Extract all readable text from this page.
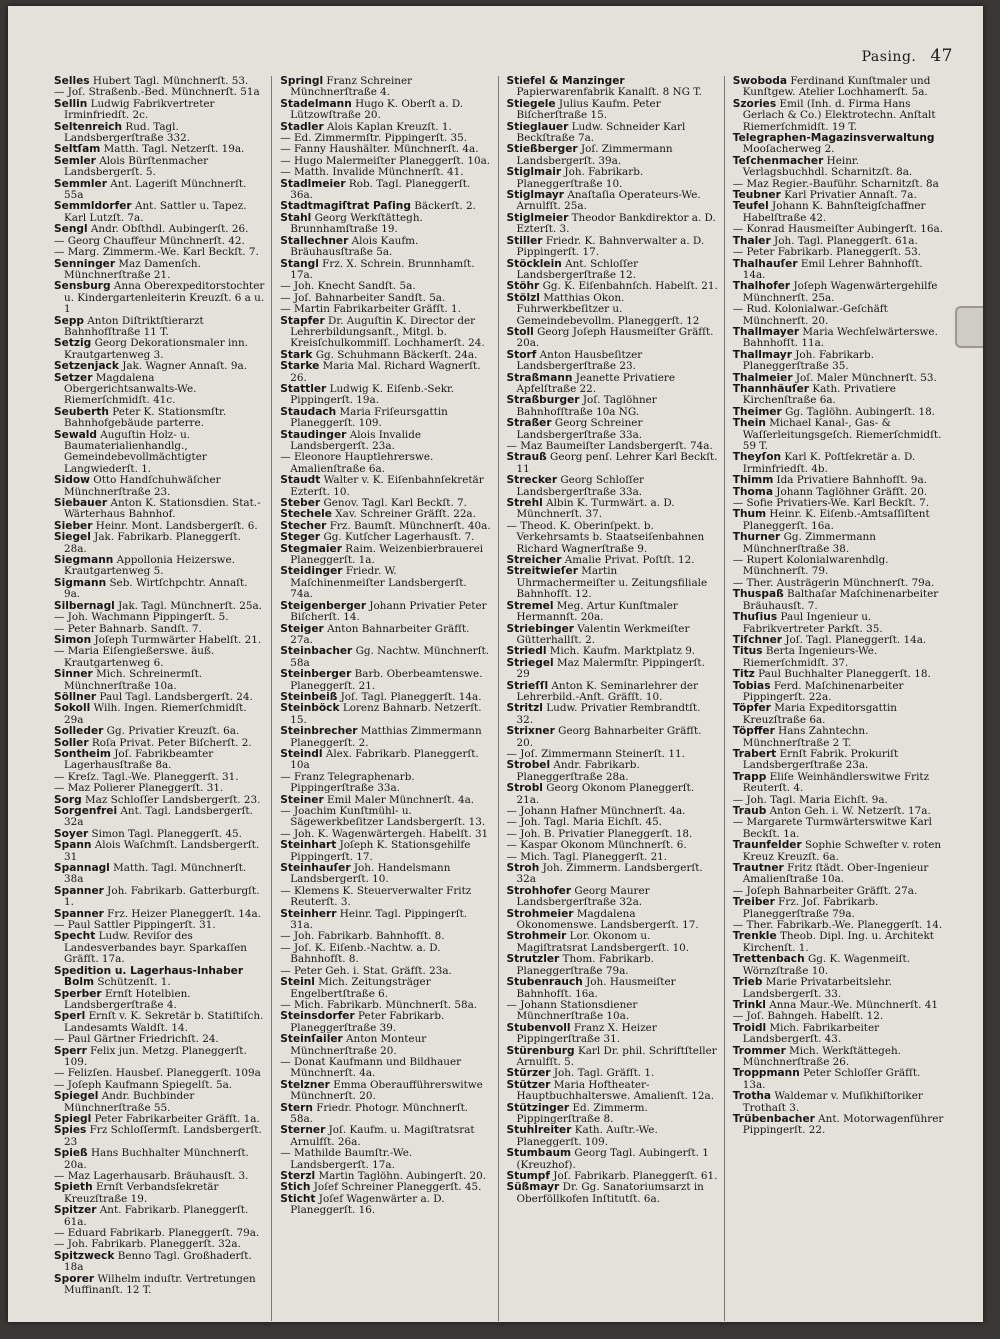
Pasing. 47

Selles Hubert Tagl. Münchnerſt. 53.

— Joſ. Straßenb.-Bed. Münchnerſt. 51a

Sellin Ludwig Fabrikvertreter Irminfriedſt. 2c.

Seltenreich Rud. Tagl. Landsbergerſtraße 332.

Seltſam Matth. Tagl. Netzerſt. 19a.

Semler Alois Bürſtenmacher Landsbergerſt. 5.

Semmler Ant. Lageriſt Münchnerſt. 55a

Semmldorfer Ant. Sattler u. Tapez. Karl Lutzſt. 7a.

Sengl Andr. Obſthdl. Aubingerſt. 26.

— Georg Chauffeur Münchnerſt. 42.

— Marg. Zimmerm.-We. Karl Beckſt. 7.

Senninger Maz Damenſch. Münchnerſtraße 21.

Sensburg Anna Oberexpeditorstochter u. Kindergartenleiterin Kreuzſt. 6 a u. 1

Sepp Anton Diſtriktſtierarzt Bahnhofſtraße 11 T.

Setzig Georg Dekorationsmaler inn. Krautgartenweg 3.

Setzenjack Jak. Wagner Annaſt. 9a.

Setzer Magdalena Obergerichtsanwalts-We. Riemerſchmidſt. 41c.

Seuberth Peter K. Stationsmſtr. Bahnhofgebäude parterre.

Sewald Auguſtin Holz- u. Baumaterialienhandlg., Gemeindebevollmächtigter Langwiederſt. 1.

Sidow Otto Handſchuhwäſcher Münchnerſtraße 23.

Siebauer Anton K. Stationsdien. Stat.-Wärterhaus Bahnhof.

Sieber Heinr. Mont. Landsbergerſt. 6.

Siegel Jak. Fabrikarb. Planeggerſt. 28a.

Siegmann Appollonia Heizerswe. Krautgartenweg 5.

Sigmann Seb. Wirtſchpchtr. Annaſt. 9a.

Silbernagl Jak. Tagl. Münchnerſt. 25a.

— Joh. Wachmann Pippingerſt. 5.

— Peter Bahnarb. Sandſt. 7.

Simon Joſeph Turmwärter Habelſt. 21.

— Maria Eiſengießerswe. äuß. Krautgartenweg 6.

Sinner Mich. Schreinermſt. Münchnerſtraße 10a.

Söllner Paul Tagl. Landsbergerſt. 24.

Sokoll Wilh. Ingen. Riemerſchmidſt. 29a

Solleder Gg. Privatier Kreuzſt. 6a.

Soller Roſa Privat. Peter Biſcherſt. 2.

Sontheim Joſ. Fabrikbeamter Lagerhausſtraße 8a.

— Kreſz. Tagl.-We. Planeggerſt. 31.

— Maz Polierer Planeggerſt. 31.

Sorg Maz Schloſſer Landsbergerſt. 23.

Sorgenfrei Ant. Tagl. Landsbergerſt. 32a

Soyer Simon Tagl. Planeggerſt. 45.

Spann Alois Waſchmſt. Landsbergerſt. 31

Spannagl Matth. Tagl. Münchnerſt. 38a

Spanner Joh. Fabrikarb. Gatterburgſt. 1.

Spanner Frz. Heizer Planeggerſt. 14a.

— Paul Sattler Pippingerſt. 31.

Specht Ludw. Reviſor des Landesverbandes bayr. Sparkaſſen Gräfſt. 17a.

Spedition u. Lagerhaus-Inhaber Bolm Schützenſt. 1.

Sperber Ernſt Hotelbien. Landsbergerſtraße 4.

Sperl Ernſt v. K. Sekretär b. Statiſtiſch. Landesamts Waldſt. 14.

— Paul Gärtner Friedrichſt. 24.

Sperr Felix jun. Metzg. Planeggerſt. 109.

— Felizſen. Hausbeſ. Planeggerſt. 109a

— Joſeph Kaufmann Spiegelſt. 5a.

Spiegel Andr. Buchbinder Münchnerſtraße 55.

Spiegl Peter Fabrikarbeiter Gräfſt. 1a.

Spies Frz Schloſſermſt. Landsbergerſt. 23

Spieß Hans Buchhalter Münchnerſt. 20a.

— Maz Lagerhausarb. Bräuhausſt. 3.

Spieth Ernſt Verbandsſekretär Kreuzſtraße 19.

Spitzer Ant. Fabrikarb. Planeggerſt. 61a.

— Eduard Fabrikarb. Planeggerſt. 79a.

— Joh. Fabrikarb. Planeggerſt. 32a.

Spitzweck Benno Tagl. Großhaderſt. 18a

Sporer Wilhelm induſtr. Vertretungen Muffinanſt. 12 T.

Springl Franz Schreiner Münchnerſtraße 4.

Stadelmann Hugo K. Oberſt a. D. Lützowſtraße 20.

Stadler Alois Kaplan Kreuzſt. 1.

— Ed. Zimmermſtr. Pippingerſt. 35.

— Fanny Haushälter. Münchnerſt. 4a.

— Hugo Malermeiſter Planeggerſt. 10a.

— Matth. Invalide Münchnerſt. 41.

Stadlmeier Rob. Tagl. Planeggerſt. 36a.

Stadtmagiſtrat Paſing Bäckerſt. 2.

Stahl Georg Werkſtättegh. Brunnhamſtraße 19.

Stallechner Alois Kaufm. Bräuhausſtraße 5a.

Stangl Frz. X. Schrein. Brunnhamſt. 17a.

— Joh. Knecht Sandſt. 5a.

— Joſ. Bahnarbeiter Sandſt. 5a.

— Martin Fabrikarbeiter Gräfſt. 1.

Stapfer Dr. Auguſtin K. Director der Lehrerbildungsanſt., Mitgl. b. Kreisſchulkommiſſ. Lochhamerſt. 24.

Stark Gg. Schuhmann Bäckerſt. 24a.

Starke Maria Mal. Richard Wagnerſt. 26.

Stattler Ludwig K. Eiſenb.-Sekr. Pippingerſt. 19a.

Staudach Maria Friſeursgattin Planeggerſt. 109.

Staudinger Alois Invalide Landsbergerſt. 23a.

— Eleonore Hauptlehrerswe. Amalienſtraße 6a.

Staudt Walter v. K. Eiſenbahnſekretär Ezterſt. 10.

Steber Genov. Tagl. Karl Beckſt. 7.

Stechele Xav. Schreiner Gräfſt. 22a.

Stecher Frz. Baumſt. Münchnerſt. 40a.

Steger Gg. Kutſcher Lagerhausſt. 7.

Stegmaier Raim. Weizenbierbrauerei Planeggerſt. 1a.

Steidinger Friedr. W. Maſchinenmeiſter Landsbergerſt. 74a.

Steigenberger Johann Privatier Peter Biſcherſt. 14.

Steiger Anton Bahnarbeiter Gräfſt. 27a.

Steinbacher Gg. Nachtw. Münchnerſt. 58a

Steinberger Barb. Oberbeamtenswe. Planeggerſt. 21.

Steinbeiß Joſ. Tagl. Planeggerſt. 14a.

Steinböck Lorenz Bahnarb. Netzerſt. 15.

Steinbrecher Matthias Zimmermann Planeggerſt. 2.

Steindl Alex. Fabrikarb. Planeggerſt. 10a

— Franz Telegraphenarb. Pippingerſtraße 33a.

Steiner Emil Maler Münchnerſt. 4a.

— Joachim Kunſtmühl- u. Sägewerkbeſitzer Landsbergerſt. 13.

— Joh. K. Wagenwärtergeh. Habelſt. 31

Steinhart Joſeph K. Stationsgehilfe Pippingerſt. 17.

Steinhauſer Joh. Handelsmann Landsbergerſt. 10.

— Klemens K. Steuerverwalter Fritz Reuterſt. 3.

Steinherr Heinr. Tagl. Pippingerſt. 31a.

— Joh. Fabrikarb. Bahnhofſt. 8.

— Joſ. K. Eiſenb.-Nachtw. a. D. Bahnhofſt. 8.

— Peter Geh. i. Stat. Gräfſt. 23a.

Steinl Mich. Zeitungsträger Engelbertſtraße 6.

— Mich. Fabrikarb. Münchnerſt. 58a.

Steinsdorfer Peter Fabrikarb. Planeggerſtraße 39.

Steinſailer Anton Monteur Münchnerſtraße 20.

— Donat Kaufmann und Bildhauer Münchnerſt. 4a.

Stelzner Emma Oberaufführerswitwe Münchnerſt. 20.

Stern Friedr. Photogr. Münchnerſt. 58a.

Sterner Joſ. Kaufm. u. Magiſtratsrat Arnulfſt. 26a.

— Mathilde Baumſtr.-We. Landsbergerſt. 17a.

Sterzl Martin Taglöhn. Aubingerſt. 20.

Stich Joſef Schreiner Planeggerſt. 45.

Sticht Joſef Wagenwärter a. D. Planeggerſt. 16.

Stiefel & Manzinger Papierwarenfabrik Kanalſt. 8 NG T.

Stiegele Julius Kaufm. Peter Biſcherſtraße 15.

Stieglauer Ludw. Schneider Karl Beckſtraße 7a.

Stießberger Joſ. Zimmermann Landsbergerſt. 39a.

Stiglmair Joh. Fabrikarb. Planeggerſtraße 10.

Stiglmayr Anaſtaſia Operateurs-We. Arnulfſt. 25a.

Stiglmeier Theodor Bankdirektor a. D. Ezterſt. 3.

Stiller Friedr. K. Bahnverwalter a. D. Pippingerſt. 17.

Stöcklein Ant. Schloſſer Landsbergerſtraße 12.

Stöhr Gg. K. Eiſenbahnſch. Habelſt. 21.

Stölzl Matthias Okon. Fuhrwerkbeſitzer u. Gemeindebevollm. Planeggerſt. 12

Stoll Georg Joſeph Hausmeiſter Gräfſt. 20a.

Storf Anton Hausbeſitzer Landsbergerſtraße 23.

Straßmann Jeanette Privatiere Apfelſtraße 22.

Straßburger Joſ. Taglöhner Bahnhofſtraße 10a NG.

Straßer Georg Schreiner Landsbergerſtraße 33a.

— Maz Baumeiſter Landsbergerſt. 74a.

Strauß Georg penſ. Lehrer Karl Beckſt. 11

Strecker Georg Schloſſer Landsbergerſtraße 33a.

Strehl Albin K. Turmwärt. a. D. Münchnerſt. 37.

— Theod. K. Oberinſpekt. b. Verkehrsamts b. Staatseiſenbahnen Richard Wagnerſtraße 9.

Streicher Amalie Privat. Poſtſt. 12.

Streitwieſer Martin Uhrmachermeiſter u. Zeitungsfiliale Bahnhofſt. 12.

Stremel Meg. Artur Kunſtmaler Hermannſt. 20a.

Striebinger Valentin Werkmeiſter Gütterhallſt. 2.

Striedl Mich. Kaufm. Marktplatz 9.

Striegel Maz Malermſtr. Pippingerſt. 29

Strieſſl Anton K. Seminarlehrer der Lehrerbild.-Anſt. Gräfſt. 10.

Stritzl Ludw. Privatier Rembrandtſt. 32.

Strixner Georg Bahnarbeiter Gräfſt. 20.

— Joſ. Zimmermann Steinerſt. 11.

Strobel Andr. Fabrikarb. Planeggerſtraße 28a.

Strobl Georg Okonom Planeggerſt. 21a.

— Johann Hafner Münchnerſt. 4a.

— Joh. Tagl. Maria Eichſt. 45.

— Joh. B. Privatier Planeggerſt. 18.

— Kaspar Okonom Münchnerſt. 6.

— Mich. Tagl. Planeggerſt. 21.

Stroh Joh. Zimmerm. Landsbergerſt. 32a

Strohhofer Georg Maurer Landsbergerſtraße 32a.

Strohmeier Magdalena Okonomenswe. Landsbergerſt. 17.

Strohmeir Lor. Okonom u. Magiſtratsrat Landsbergerſt. 10.

Strutzler Thom. Fabrikarb. Planeggerſtraße 79a.

Stubenrauch Joh. Hausmeiſter Bahnhofſt. 16a.

— Johann Stationsdiener Münchnerſtraße 10a.

Stubenvoll Franz X. Heizer Pippingerſtraße 31.

Stürenburg Karl Dr. phil. Schriftſteller Arnulfſt. 5.

Stürzer Joh. Tagl. Gräfſt. 1.

Stützer Maria Hoftheater-Hauptbuchhalterswe. Amalienſt. 12a.

Stützinger Ed. Zimmerm. Pippingerſtraße 8.

Stuhlreiter Kath. Auſtr.-We. Planeggerſt. 109.

Stumbaum Georg Tagl. Aubingerſt. 1 (Kreuzhof).

Stumpf Joſ. Fabrikarb. Planeggerſt. 61.

Süßmayr Dr. Gg. Sanatoriumsarzt in Oberföllkofen Inſtitutſt. 6a.

Swoboda Ferdinand Kunſtmaler und Kunſtgew. Atelier Lochhamerſt. 5a.

Szories Emil (Inh. d. Firma Hans Gerlach & Co.) Elektrotechn. Anſtalt Riemerſchmidſt. 19 T.

Telegraphen-Magazinsverwaltung Mooſacherweg 2.

Teſchenmacher Heinr. Verlagsbuchhdl. Scharnitzſt. 8a.

— Maz Regier.-Bauführ. Scharnitzſt. 8a

Teubner Karl Privatier Annaſt. 7a.

Teufel Johann K. Bahnſteigſchaffner Habelſtraße 42.

— Konrad Hausmeiſter Aubingerſt. 16a.

Thaler Joh. Tagl. Planeggerſt. 61a.

— Peter Fabrikarb. Planeggerſt. 53.

Thalhauſer Emil Lehrer Bahnhofſt. 14a.

Thalhofer Joſeph Wagenwärtergehilfe Münchnerſt. 25a.

— Rud. Kolonialwar.-Geſchäft Münchnerſt. 20.

Thallmayer Maria Wechſelwärterswe. Bahnhofſt. 11a.

Thallmayr Joh. Fabrikarb. Planeggerſtraße 35.

Thalmeier Joſ. Maler Münchnerſt. 53.

Thannhäuſer Kath. Privatiere Kirchenſtraße 6a.

Theimer Gg. Taglöhn. Aubingerſt. 18.

Thein Michael Kanal-, Gas- & Waſſerleitungsgeſch. Riemerſchmidſt. 59 T.

Theyſon Karl K. Poſtſekretär a. D. Irminfriedſt. 4b.

Thimm Ida Privatiere Bahnhofſt. 9a.

Thoma Johann Taglöhner Gräfſt. 20.

— Sofie Privatiers-We. Karl Beckſt. 7.

Thum Heinr. K. Eiſenb.-Amtsaſſiſtent Planeggerſt. 16a.

Thurner Gg. Zimmermann Münchnerſtraße 38.

— Rupert Kolonialwarenhdlg. Münchnerſt. 79.

— Ther. Austrägerin Münchnerſt. 79a.

Thuspaß Balthaſar Maſchinenarbeiter Bräuhausſt. 7.

Thuſius Paul Ingenieur u. Fabrikvertreter Parkſt. 35.

Tiſchner Joſ. Tagl. Planeggerſt. 14a.

Titus Berta Ingenieurs-We. Riemerſchmidſt. 37.

Titz Paul Buchhalter Planeggerſt. 18.

Tobias Ferd. Maſchinenarbeiter Pippingerſt. 22a.

Töpfer Maria Expeditorsgattin Kreuzſtraße 6a.

Töpffer Hans Zahntechn. Münchnerſtraße 2 T.

Trabert Ernſt Fabrik. Prokuriſt Landsbergerſtraße 23a.

Trapp Eliſe Weinhändlerswitwe Fritz Reuterſt. 4.

— Joh. Tagl. Maria Eichſt. 9a.

Traub Anton Geh. i. W. Netzerſt. 17a.

— Margarete Turmwärterswitwe Karl Beckſt. 1a.

Traunfelder Sophie Schweſter v. roten Kreuz Kreuzſt. 6a.

Trautner Fritz ſtädt. Ober-Ingenieur Amalienſtraße 10a.

— Joſeph Bahnarbeiter Gräfſt. 27a.

Treiber Frz. Joſ. Fabrikarb. Planeggerſtraße 79a.

— Ther. Fabrikarb.-We. Planeggerſt. 14.

Trenkle Theob. Dipl. Ing. u. Architekt Kirchenſt. 1.

Trettenbach Gg. K. Wagenmeiſt. Wörnzſtraße 10.

Trieb Marie Privatarbeitslehr. Landsbergerſt. 33.

Trinkl Anna Maur.-We. Münchnerſt. 41

— Joſ. Bahngeh. Habelſt. 12.

Troidl Mich. Fabrikarbeiter Landsbergerſt. 43.

Trommer Mich. Werkſtättegeh. Münchnerſtraße 26.

Troppmann Peter Schloſſer Gräfſt. 13a.

Trotha Waldemar v. Muſikhiſtoriker Trothaſt 3.

Trübenbacher Ant. Motorwagenführer Pippingerſt. 22.
